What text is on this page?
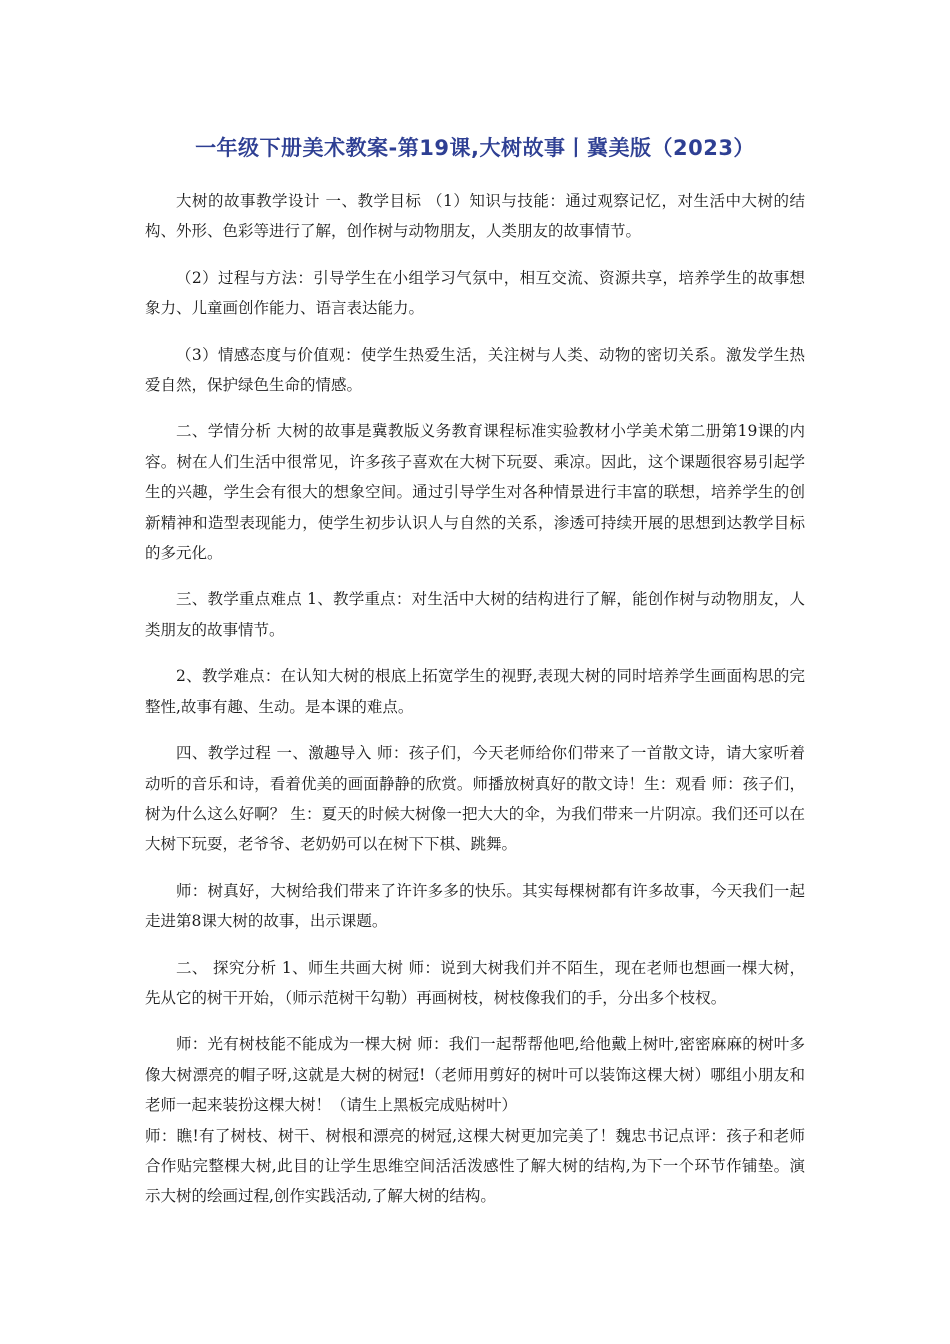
一年级下册美术教案-第19课,大树故事丨冀美版（2023）

大树的故事教学设计 一、教学目标 （1）知识与技能：通过观察记忆，对生活中大树的结构、外形、色彩等进行了解，创作树与动物朋友，人类朋友的故事情节。

（2）过程与方法：引导学生在小组学习气氛中，相互交流、资源共享，培养学生的故事想象力、儿童画创作能力、语言表达能力。

（3）情感态度与价值观：使学生热爱生活，关注树与人类、动物的密切关系。激发学生热爱自然，保护绿色生命的情感。

二、学情分析 大树的故事是冀教版义务教育课程标准实验教材小学美术第二册第19课的内容。树在人们生活中很常见，许多孩子喜欢在大树下玩耍、乘凉。因此，这个课题很容易引起学生的兴趣，学生会有很大的想象空间。通过引导学生对各种情景进行丰富的联想，培养学生的创新精神和造型表现能力，使学生初步认识人与自然的关系，渗透可持续开展的思想到达教学目标的多元化。

三、教学重点难点 1、教学重点：对生活中大树的结构进行了解，能创作树与动物朋友，人类朋友的故事情节。

2、教学难点：在认知大树的根底上拓宽学生的视野,表现大树的同时培养学生画面构思的完整性,故事有趣、生动。是本课的难点。

四、教学过程 一、激趣导入 师：孩子们，今天老师给你们带来了一首散文诗，请大家听着动听的音乐和诗，看着优美的画面静静的欣赏。师播放树真好的散文诗！生：观看 师：孩子们，树为什么这么好啊？ 生：夏天的时候大树像一把大大的伞，为我们带来一片阴凉。我们还可以在大树下玩耍，老爷爷、老奶奶可以在树下下棋、跳舞。

师：树真好，大树给我们带来了许许多多的快乐。其实每棵树都有许多故事，今天我们一起走进第8课大树的故事，出示课题。

二、 探究分析 1、师生共画大树 师：说到大树我们并不陌生，现在老师也想画一棵大树，先从它的树干开始，（师示范树干勾勒）再画树枝，树枝像我们的手，分出多个枝杈。

师：光有树枝能不能成为一棵大树 师：我们一起帮帮他吧,给他戴上树叶,密密麻麻的树叶多像大树漂亮的帽子呀,这就是大树的树冠!（老师用剪好的树叶可以装饰这棵大树）哪组小朋友和老师一起来装扮这棵大树！（请生上黑板完成贴树叶）

师：瞧!有了树枝、树干、树根和漂亮的树冠,这棵大树更加完美了！魏忠书记点评：孩子和老师合作贴完整棵大树,此目的让学生思维空间活活泼感性了解大树的结构,为下一个环节作铺垫。演示大树的绘画过程,创作实践活动,了解大树的结构。
